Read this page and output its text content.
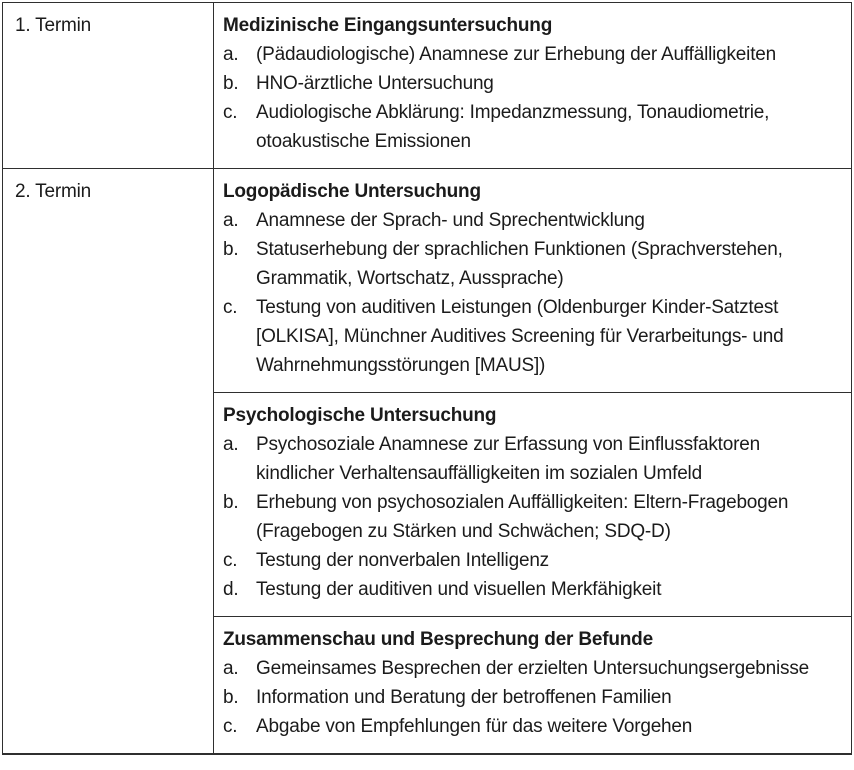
1. Termin	Medizinische Eingangsuntersuchung
a. (Pädaudiologische) Anamnese zur Erhebung der Auffälligkeiten
b. HNO-ärztliche Untersuchung
c. Audiologische Abklärung: Impedanzmessung, Tonaudiometrie, otoakustische Emissionen
2. Termin	Logopädische Untersuchung
a. Anamnese der Sprach- und Sprechentwicklung
b. Statuserhebung der sprachlichen Funktionen (Sprachverstehen, Grammatik, Wortschatz, Aussprache)
c. Testung von auditiven Leistungen (Oldenburger Kinder-Satztest [OLKISA], Münchner Auditives Screening für Verarbeitungs- und Wahrnehmungsstörungen [MAUS])
Psychologische Untersuchung
a. Psychosoziale Anamnese zur Erfassung von Einflussfaktoren kindlicher Verhaltensauffälligkeiten im sozialen Umfeld
b. Erhebung von psychosozialen Auffälligkeiten: Eltern-Fragebogen (Fragebogen zu Stärken und Schwächen; SDQ-D)
c. Testung der nonverbalen Intelligenz
d. Testung der auditiven und visuellen Merkfähigkeit
Zusammenschau und Besprechung der Befunde
a. Gemeinsames Besprechen der erzielten Untersuchungsergebnisse
b. Information und Beratung der betroffenen Familien
c. Abgabe von Empfehlungen für das weitere Vorgehen
